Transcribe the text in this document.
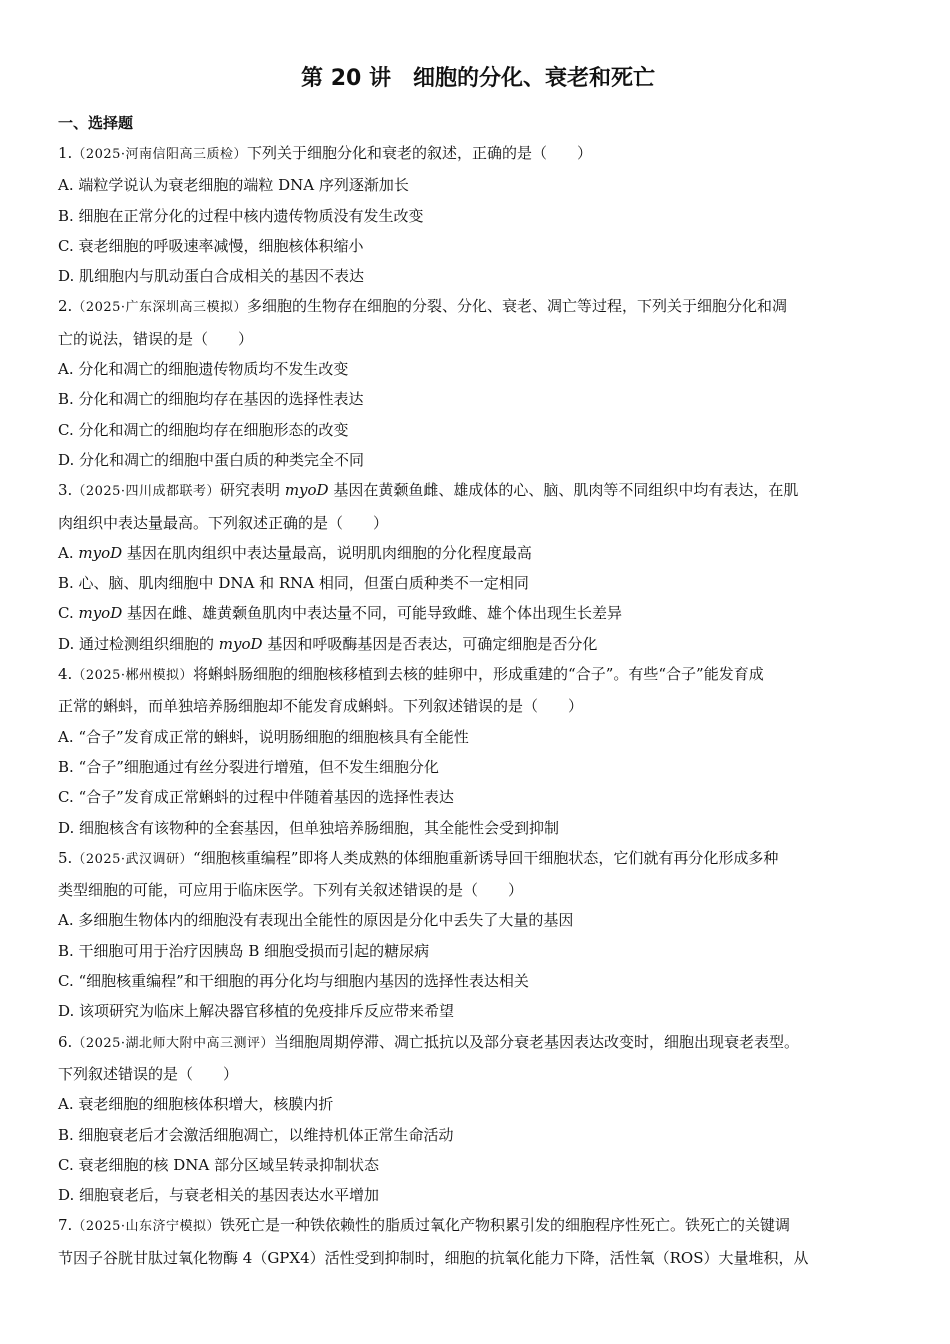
第 20 讲　细胞的分化、衰老和死亡
一、选择题
1.（2025·河南信阳高三质检）下列关于细胞分化和衰老的叙述，正确的是（　　）
A. 端粒学说认为衰老细胞的端粒 DNA 序列逐渐加长
B. 细胞在正常分化的过程中核内遗传物质没有发生改变
C. 衰老细胞的呼吸速率减慢，细胞核体积缩小
D. 肌细胞内与肌动蛋白合成相关的基因不表达
2.（2025·广东深圳高三模拟）多细胞的生物存在细胞的分裂、分化、衰老、凋亡等过程，下列关于细胞分化和凋
亡的说法，错误的是（　　）
A. 分化和凋亡的细胞遗传物质均不发生改变
B. 分化和凋亡的细胞均存在基因的选择性表达
C. 分化和凋亡的细胞均存在细胞形态的改变
D. 分化和凋亡的细胞中蛋白质的种类完全不同
3.（2025·四川成都联考）研究表明 myoD 基因在黄颡鱼雌、雄成体的心、脑、肌肉等不同组织中均有表达，在肌
肉组织中表达量最高。下列叙述正确的是（　　）
A. myoD 基因在肌肉组织中表达量最高，说明肌肉细胞的分化程度最高
B. 心、脑、肌肉细胞中 DNA 和 RNA 相同，但蛋白质种类不一定相同
C. myoD 基因在雌、雄黄颡鱼肌肉中表达量不同，可能导致雌、雄个体出现生长差异
D. 通过检测组织细胞的 myoD 基因和呼吸酶基因是否表达，可确定细胞是否分化
4.（2025·郴州模拟）将蝌蚪肠细胞的细胞核移植到去核的蛙卵中，形成重建的“合子”。有些“合子”能发育成
正常的蝌蚪，而单独培养肠细胞却不能发育成蝌蚪。下列叙述错误的是（　　）
A. “合子”发育成正常的蝌蚪，说明肠细胞的细胞核具有全能性
B. “合子”细胞通过有丝分裂进行增殖，但不发生细胞分化
C. “合子”发育成正常蝌蚪的过程中伴随着基因的选择性表达
D. 细胞核含有该物种的全套基因，但单独培养肠细胞，其全能性会受到抑制
5.（2025·武汉调研）“细胞核重编程”即将人类成熟的体细胞重新诱导回干细胞状态，它们就有再分化形成多种
类型细胞的可能，可应用于临床医学。下列有关叙述错误的是（　　）
A. 多细胞生物体内的细胞没有表现出全能性的原因是分化中丢失了大量的基因
B. 干细胞可用于治疗因胰岛 B 细胞受损而引起的糖尿病
C. “细胞核重编程”和干细胞的再分化均与细胞内基因的选择性表达相关
D. 该项研究为临床上解决器官移植的免疫排斥反应带来希望
6.（2025·湖北师大附中高三测评）当细胞周期停滞、凋亡抵抗以及部分衰老基因表达改变时，细胞出现衰老表型。
下列叙述错误的是（　　）
A. 衰老细胞的细胞核体积增大，核膜内折
B. 细胞衰老后才会激活细胞凋亡，以维持机体正常生命活动
C. 衰老细胞的核 DNA 部分区域呈转录抑制状态
D. 细胞衰老后，与衰老相关的基因表达水平增加
7.（2025·山东济宁模拟）铁死亡是一种铁依赖性的脂质过氧化产物积累引发的细胞程序性死亡。铁死亡的关键调
节因子谷胱甘肽过氧化物酶 4（GPX4）活性受到抑制时，细胞的抗氧化能力下降，活性氧（ROS）大量堆积，从
